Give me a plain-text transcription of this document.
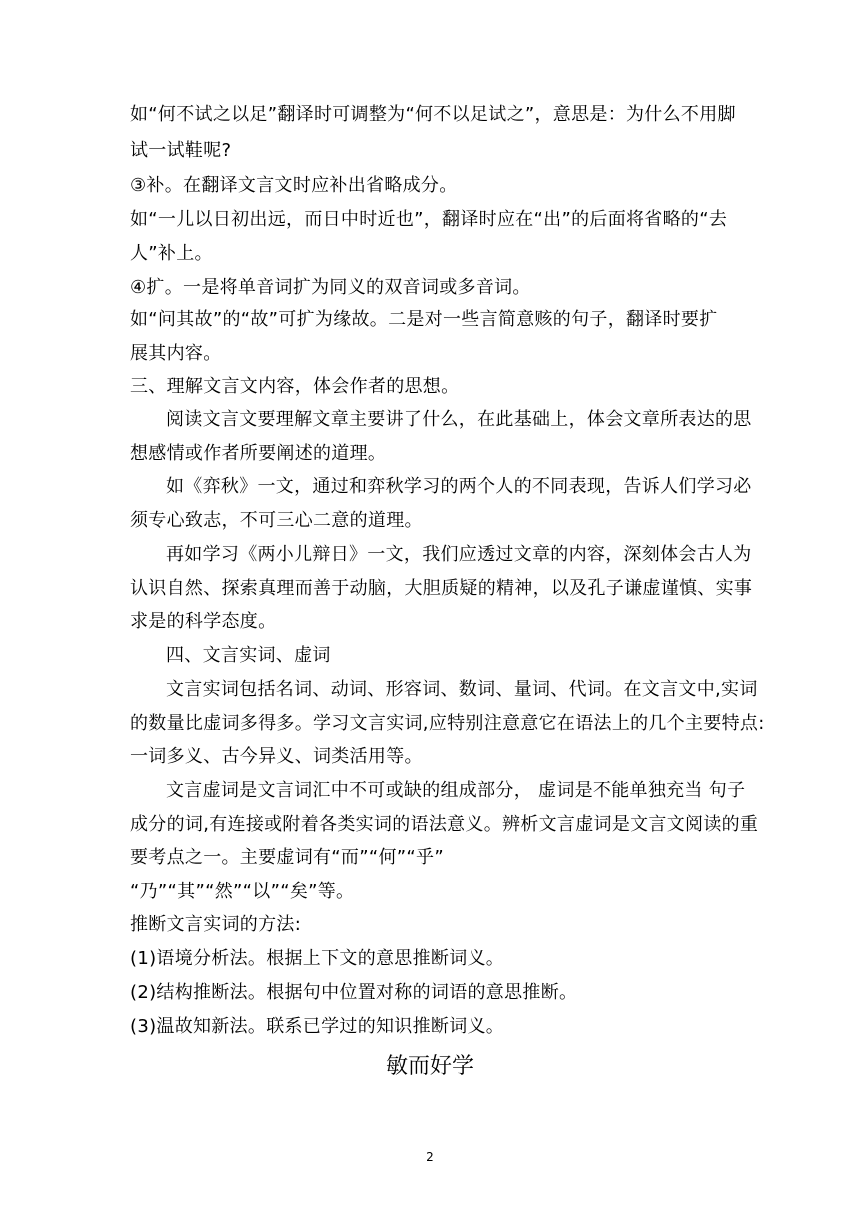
如“何不试之以足”翻译时可调整为“何不以足试之”，意思是：为什么不用脚
试一试鞋呢?
③补。在翻译文言文时应补出省略成分。
如“一儿以日初出远，而日中时近也”，翻译时应在“出”的后面将省略的“去
人”补上。
④扩。一是将单音词扩为同义的双音词或多音词。
如“问其故”的“故”可扩为缘故。二是对一些言简意赅的句子，翻译时要扩
展其内容。
三、理解文言文内容，体会作者的思想。
阅读文言文要理解文章主要讲了什么，在此基础上，体会文章所表达的思
想感情或作者所要阐述的道理。
如《弈秋》一文，通过和弈秋学习的两个人的不同表现，告诉人们学习必
须专心致志，不可三心二意的道理。
再如学习《两小儿辩日》一文，我们应透过文章的内容，深刻体会古人为
认识自然、探索真理而善于动脑，大胆质疑的精神，以及孔子谦虚谨慎、实事
求是的科学态度。
四、文言实词、虚词
文言实词包括名词、动词、形容词、数词、量词、代词。在文言文中,实词
的数量比虚词多得多。学习文言实词,应特别注意意它在语法上的几个主要特点:
一词多义、古今异义、词类活用等。
文言虚词是文言词汇中不可或缺的组成部分， 虚词是不能单独充当 句子
成分的词,有连接或附着各类实词的语法意义。辨析文言虚词是文言文阅读的重
要考点之一。主要虚词有“而”“何”“乎”
“乃”“其”“然”“以”“矣”等。
推断文言实词的方法:
(1)语境分析法。根据上下文的意思推断词义。
(2)结构推断法。根据句中位置对称的词语的意思推断。
(3)温故知新法。联系已学过的知识推断词义。
敏而好学
2
